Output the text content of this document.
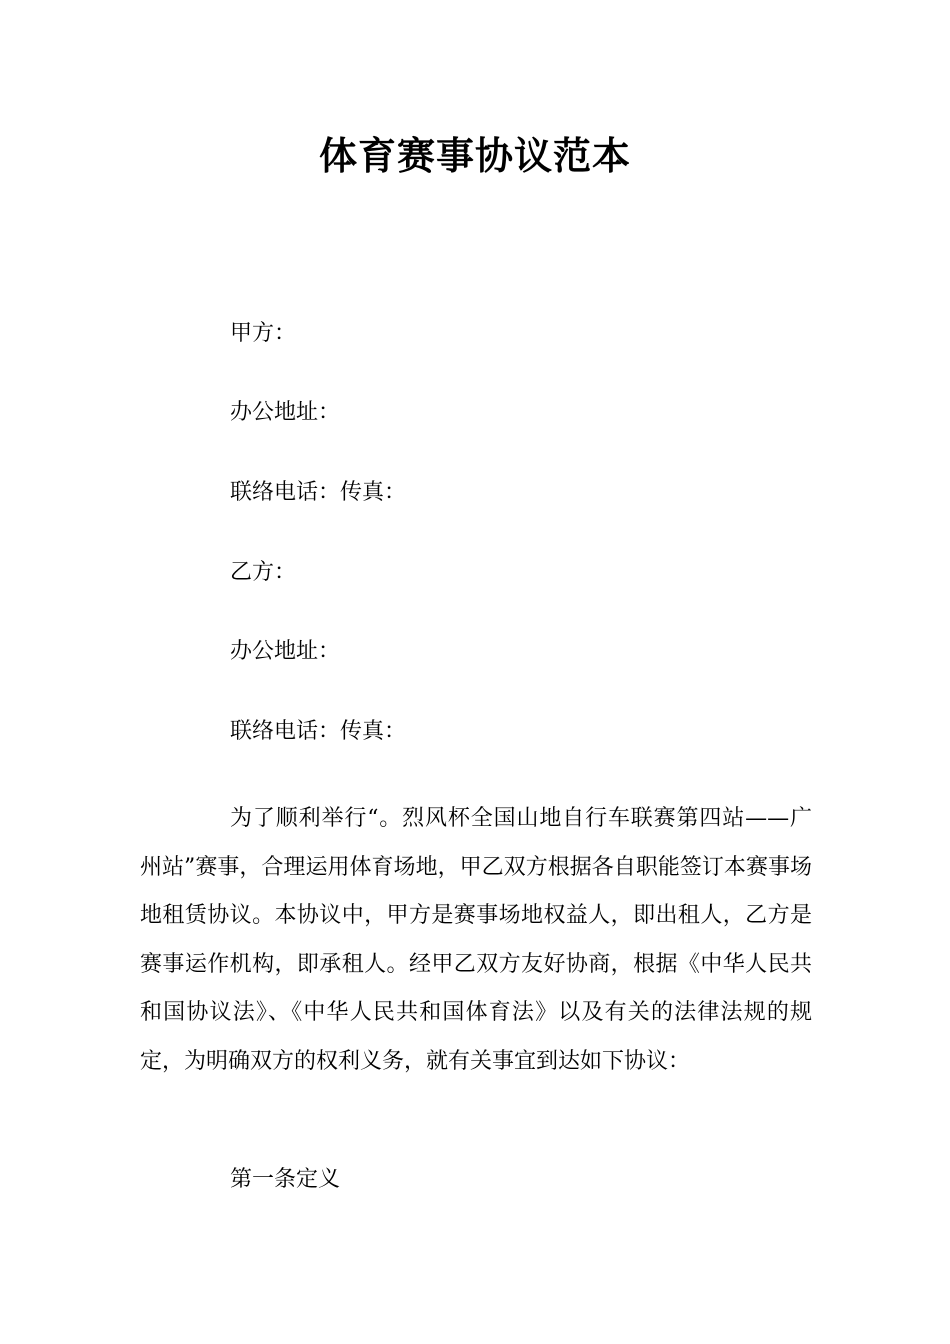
体育赛事协议范本
甲方：
办公地址：
联络电话：传真：
乙方：
办公地址：
联络电话：传真：
为了顺利举行“。烈风杯全国山地自行车联赛第四站——广州站”赛事，合理运用体育场地，甲乙双方根据各自职能签订本赛事场地租赁协议。本协议中，甲方是赛事场地权益人，即出租人，乙方是赛事运作机构，即承租人。经甲乙双方友好协商，根据《中华人民共和国协议法》、《中华人民共和国体育法》以及有关的法律法规的规定，为明确双方的权利义务，就有关事宜到达如下协议：
第一条定义
